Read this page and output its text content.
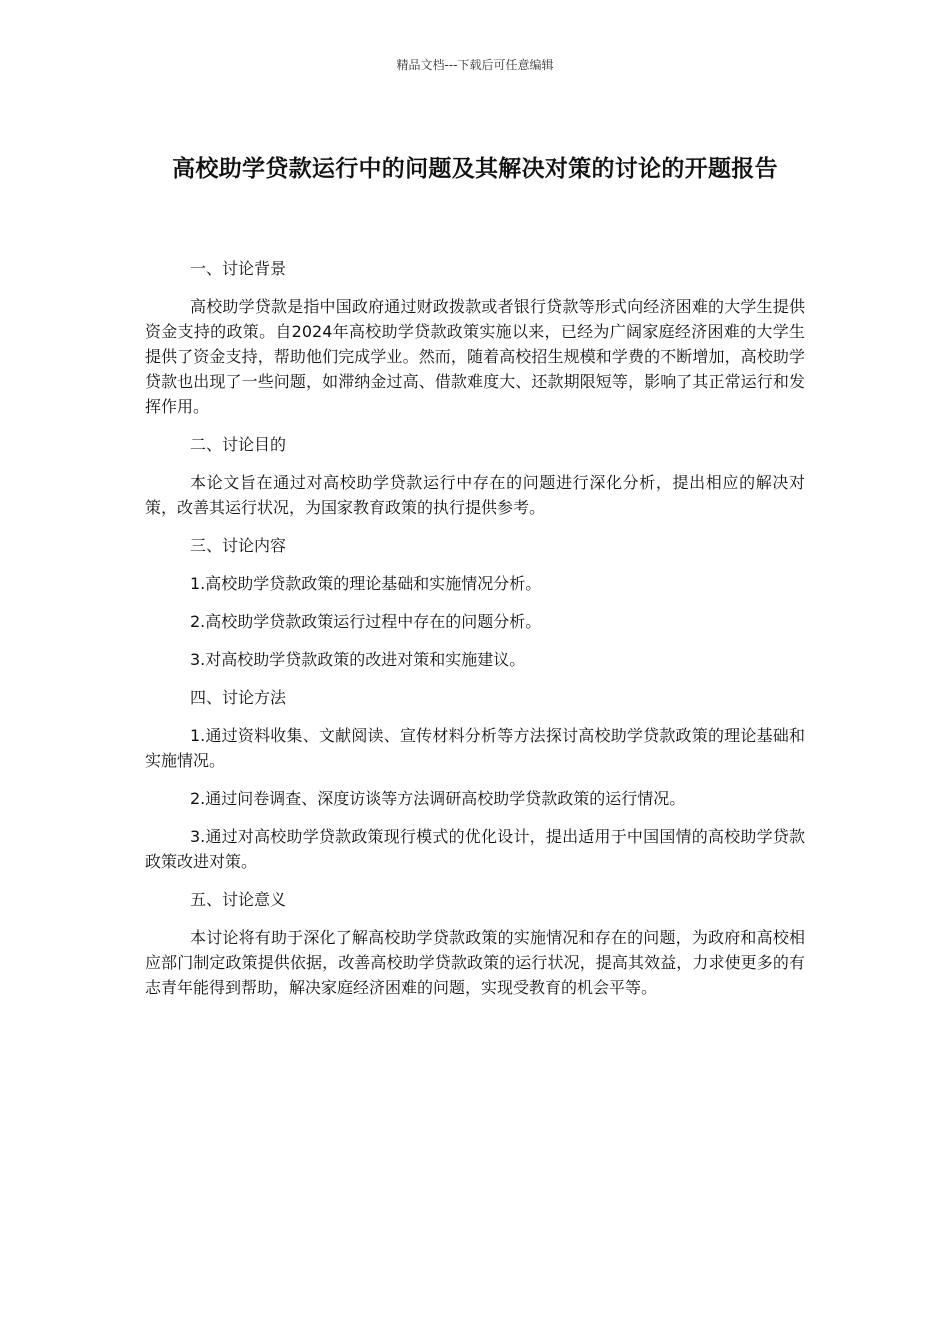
精品文档---下载后可任意编辑
高校助学贷款运行中的问题及其解决对策的讨论的开题报告

一、讨论背景

高校助学贷款是指中国政府通过财政拨款或者银行贷款等形式向经济困难的大学生提供资金支持的政策。自2024年高校助学贷款政策实施以来，已经为广阔家庭经济困难的大学生提供了资金支持，帮助他们完成学业。然而，随着高校招生规模和学费的不断增加，高校助学贷款也出现了一些问题，如滞纳金过高、借款难度大、还款期限短等，影响了其正常运行和发挥作用。

二、讨论目的

本论文旨在通过对高校助学贷款运行中存在的问题进行深化分析，提出相应的解决对策，改善其运行状况，为国家教育政策的执行提供参考。

三、讨论内容

1.高校助学贷款政策的理论基础和实施情况分析。

2.高校助学贷款政策运行过程中存在的问题分析。

3.对高校助学贷款政策的改进对策和实施建议。

四、讨论方法

1.通过资料收集、文献阅读、宣传材料分析等方法探讨高校助学贷款政策的理论基础和实施情况。

2.通过问卷调查、深度访谈等方法调研高校助学贷款政策的运行情况。

3.通过对高校助学贷款政策现行模式的优化设计，提出适用于中国国情的高校助学贷款政策改进对策。

五、讨论意义

本讨论将有助于深化了解高校助学贷款政策的实施情况和存在的问题，为政府和高校相应部门制定政策提供依据，改善高校助学贷款政策的运行状况，提高其效益，力求使更多的有志青年能得到帮助，解决家庭经济困难的问题，实现受教育的机会平等。
